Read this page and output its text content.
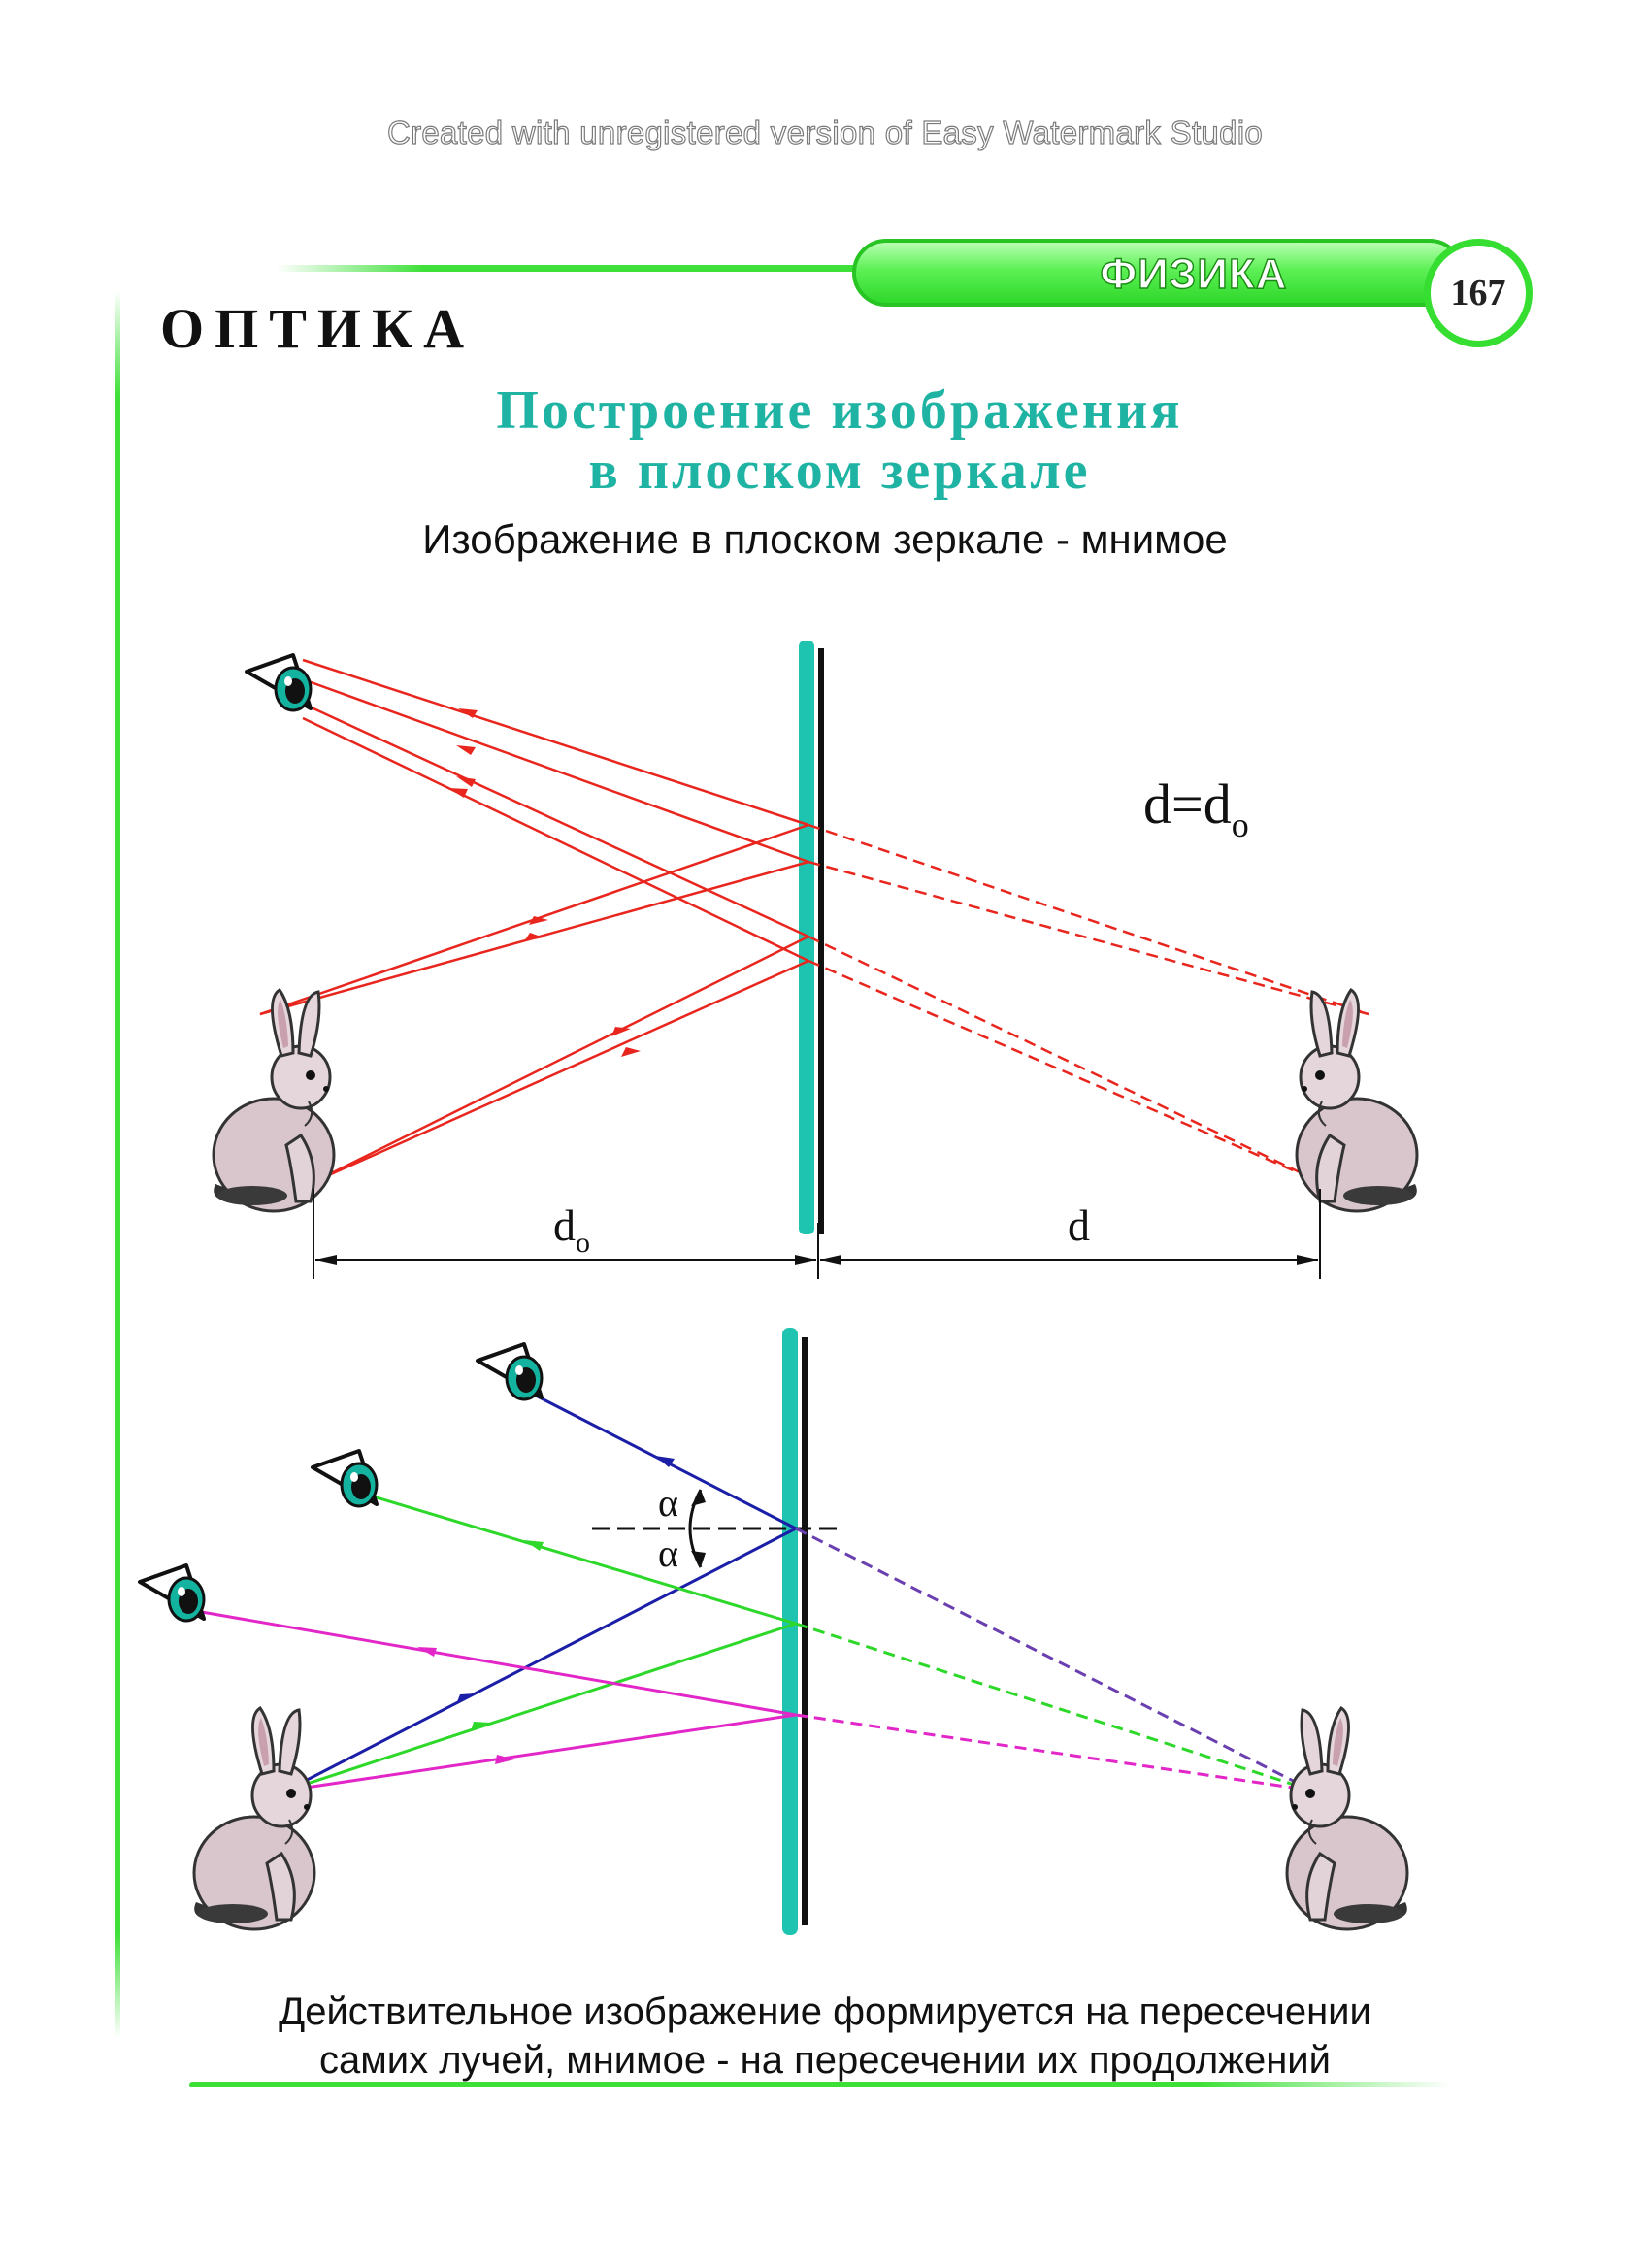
Created with unregistered version of Easy Watermark Studio
ФИЗИКА	167
ОПТИКА
Построение изображения
в плоском зеркале
Изображение в плоском зеркале - мнимое
$d_o$	d
$d=d_o$
α
α
Действительное изображение формируется на пересечении
самих лучей, мнимое - на пересечении их продолжений
